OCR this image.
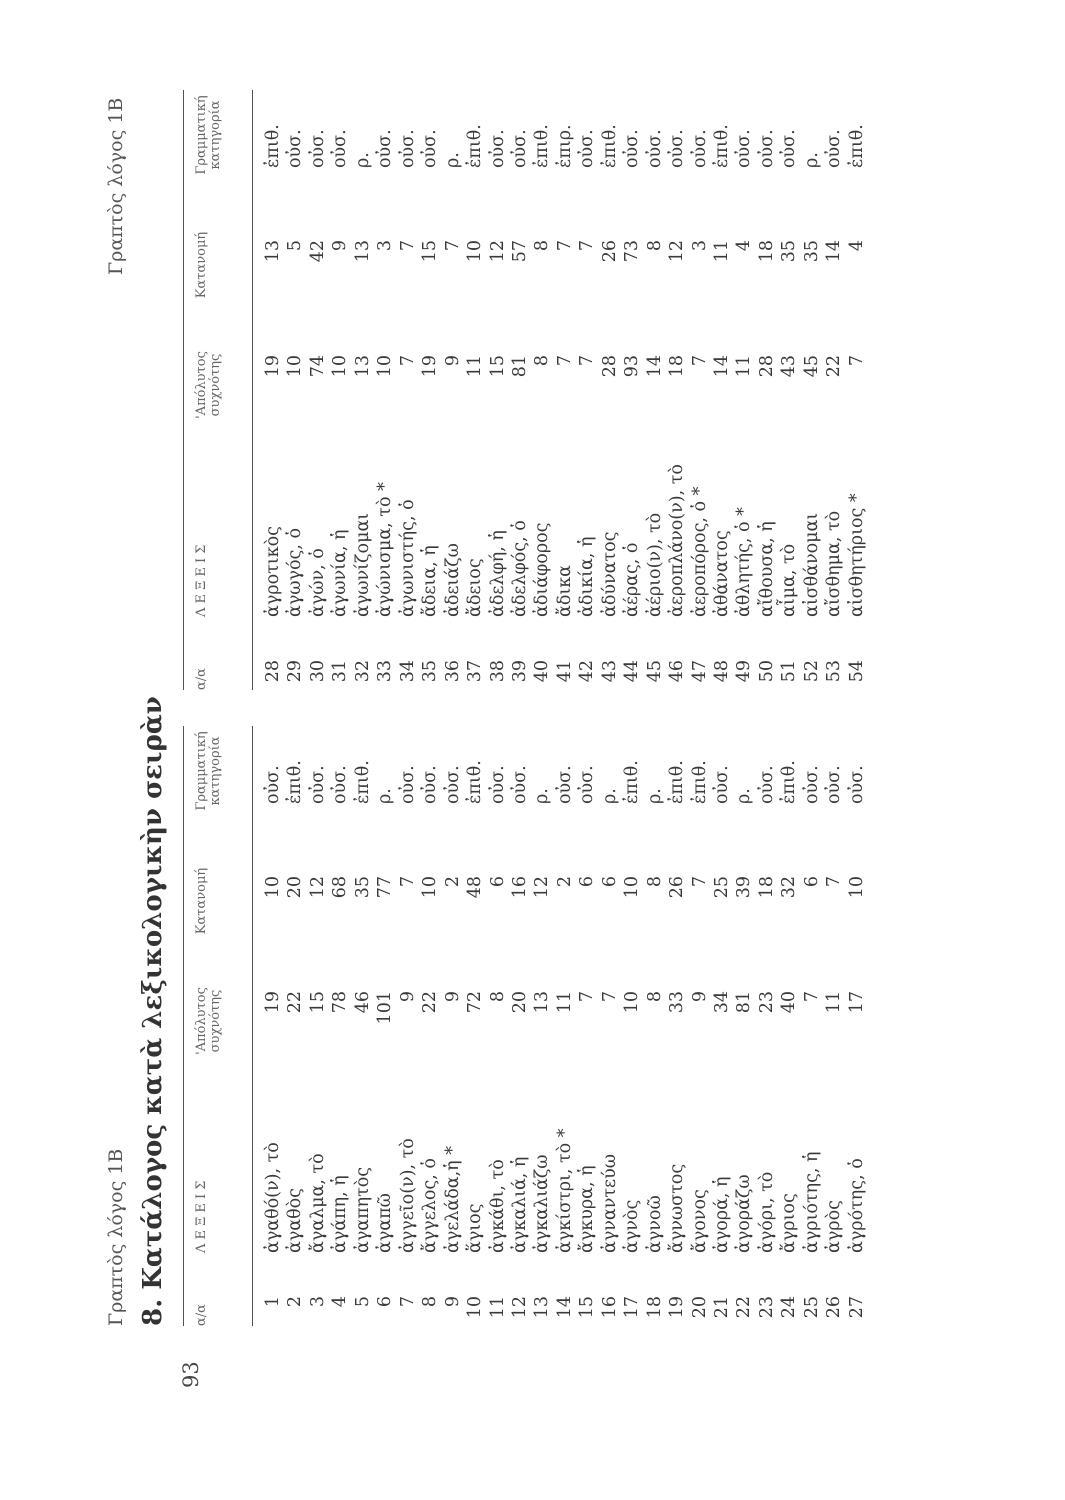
93
Γραπτὸς λόγος 1Β
Γραπτὸς λόγος 1Β
8. Κατάλογος κατὰ λεξικολογικὴν σειρὰν α/α
Λ Ε Ξ Ε Ι Σ
'Απόλυτος συχνότης
Κατανομή
Γραμματική κατηγορία
1
ἀγαθό(ν), τὸ
19
10
οὐσ.
2
ἀγαθὸς
22
20
ἐπιθ.
3
ἄγαλμα, τὸ
15
12
οὐσ.
4
ἀγάπη, ἡ
78
68
οὐσ.
5
ἀγαπητὸς
46
35
ἐπιθ.
6
ἀγαπῶ
101
77
ρ.
7
ἀγγεῖο(ν), τὸ
9
7
οὐσ.
8
ἄγγελος, ὁ
22
10
οὐσ.
9
ἀγελάδα,ἡ *
9
2
οὐσ.
10
ἅγιος
72
48
ἐπιθ.
11
ἀγκάθι, τὸ
8
6
οὐσ.
12
ἀγκαλιά, ἡ
20
16
οὐσ.
13
ἀγκαλιάζω
13
12
ρ.
14
ἀγκίστρι, τὸ *
11
2
οὐσ.
15
ἄγκυρα, ἡ
7
6
οὐσ.
16
ἀγναντεύω
7
6
ρ.
17
ἁγνὸς
10
10
ἐπιθ.
18
ἀγνοῶ
8
8
ρ.
19
ἄγνωστος
33
26
ἐπιθ.
20
ἄγονος
9
7
ἐπιθ.
21
ἀγορά, ἡ
34
25
οὐσ.
22
ἀγοράζω
81
39
ρ.
23
ἀγόρι, τὸ
23
18
οὐσ.
24
ἄγριος
40
32
ἐπιθ.
25
ἀγριότης, ἡ
7
6
οὐσ.
26
ἀγρὸς
11
7
οὐσ.
27
ἀγρότης, ὁ
17
10
οὐσ.
α/α
Λ Ε Ξ Ε Ι Σ
'Απόλυτος συχνότης
Κατανομή
Γραμματική κατηγορία
28
ἀγροτικὸς
19
13
ἐπιθ.
29
ἀγωγός, ὁ
10
5
οὐσ.
30
ἀγών, ὁ
74
42
οὐσ.
31
ἀγωνία, ἡ
10
9
οὐσ.
32
ἀγωνίζομαι
13
13
ρ.
33
ἀγώνισμα, τὸ *
10
3
οὐσ.
34
ἀγωνιστής, ὁ
7
7
οὐσ.
35
ἄδεια, ἡ
19
15
οὐσ.
36
ἀδειάζω
9
7
ρ.
37
ἄδειος
11
10
ἐπιθ.
38
ἀδελφή, ἡ
15
12
οὐσ.
39
ἀδελφός, ὁ
81
57
οὐσ.
40
ἀδιάφορος
8
8
ἐπιθ.
41
ἄδικα
7
7
ἐπιρ.
42
ἀδικία, ἡ
7
7
οὐσ.
43
ἀδύνατος
28
26
ἐπιθ.
44
ἀέρας, ὁ
93
73
οὐσ.
45
ἀέριο(ν), τὸ
14
8
οὐσ.
46
ἀεροπλάνο(ν), τὸ
18
12
οὐσ.
47
ἀεροπόρος, ὁ *
7
3
οὐσ.
48
ἀθάνατος
14
11
ἐπιθ.
49
ἀθλητής, ὁ *
11
4
οὐσ.
50
αἴθουσα, ἡ
28
18
οὐσ.
51
αἷμα, τὸ
43
35
οὐσ.
52
αἰσθάνομαι
45
35
ρ.
53
αἴσθημα, τὸ
22
14
οὐσ.
54
αἰσθητήριος *
7
4
ἐπιθ.
